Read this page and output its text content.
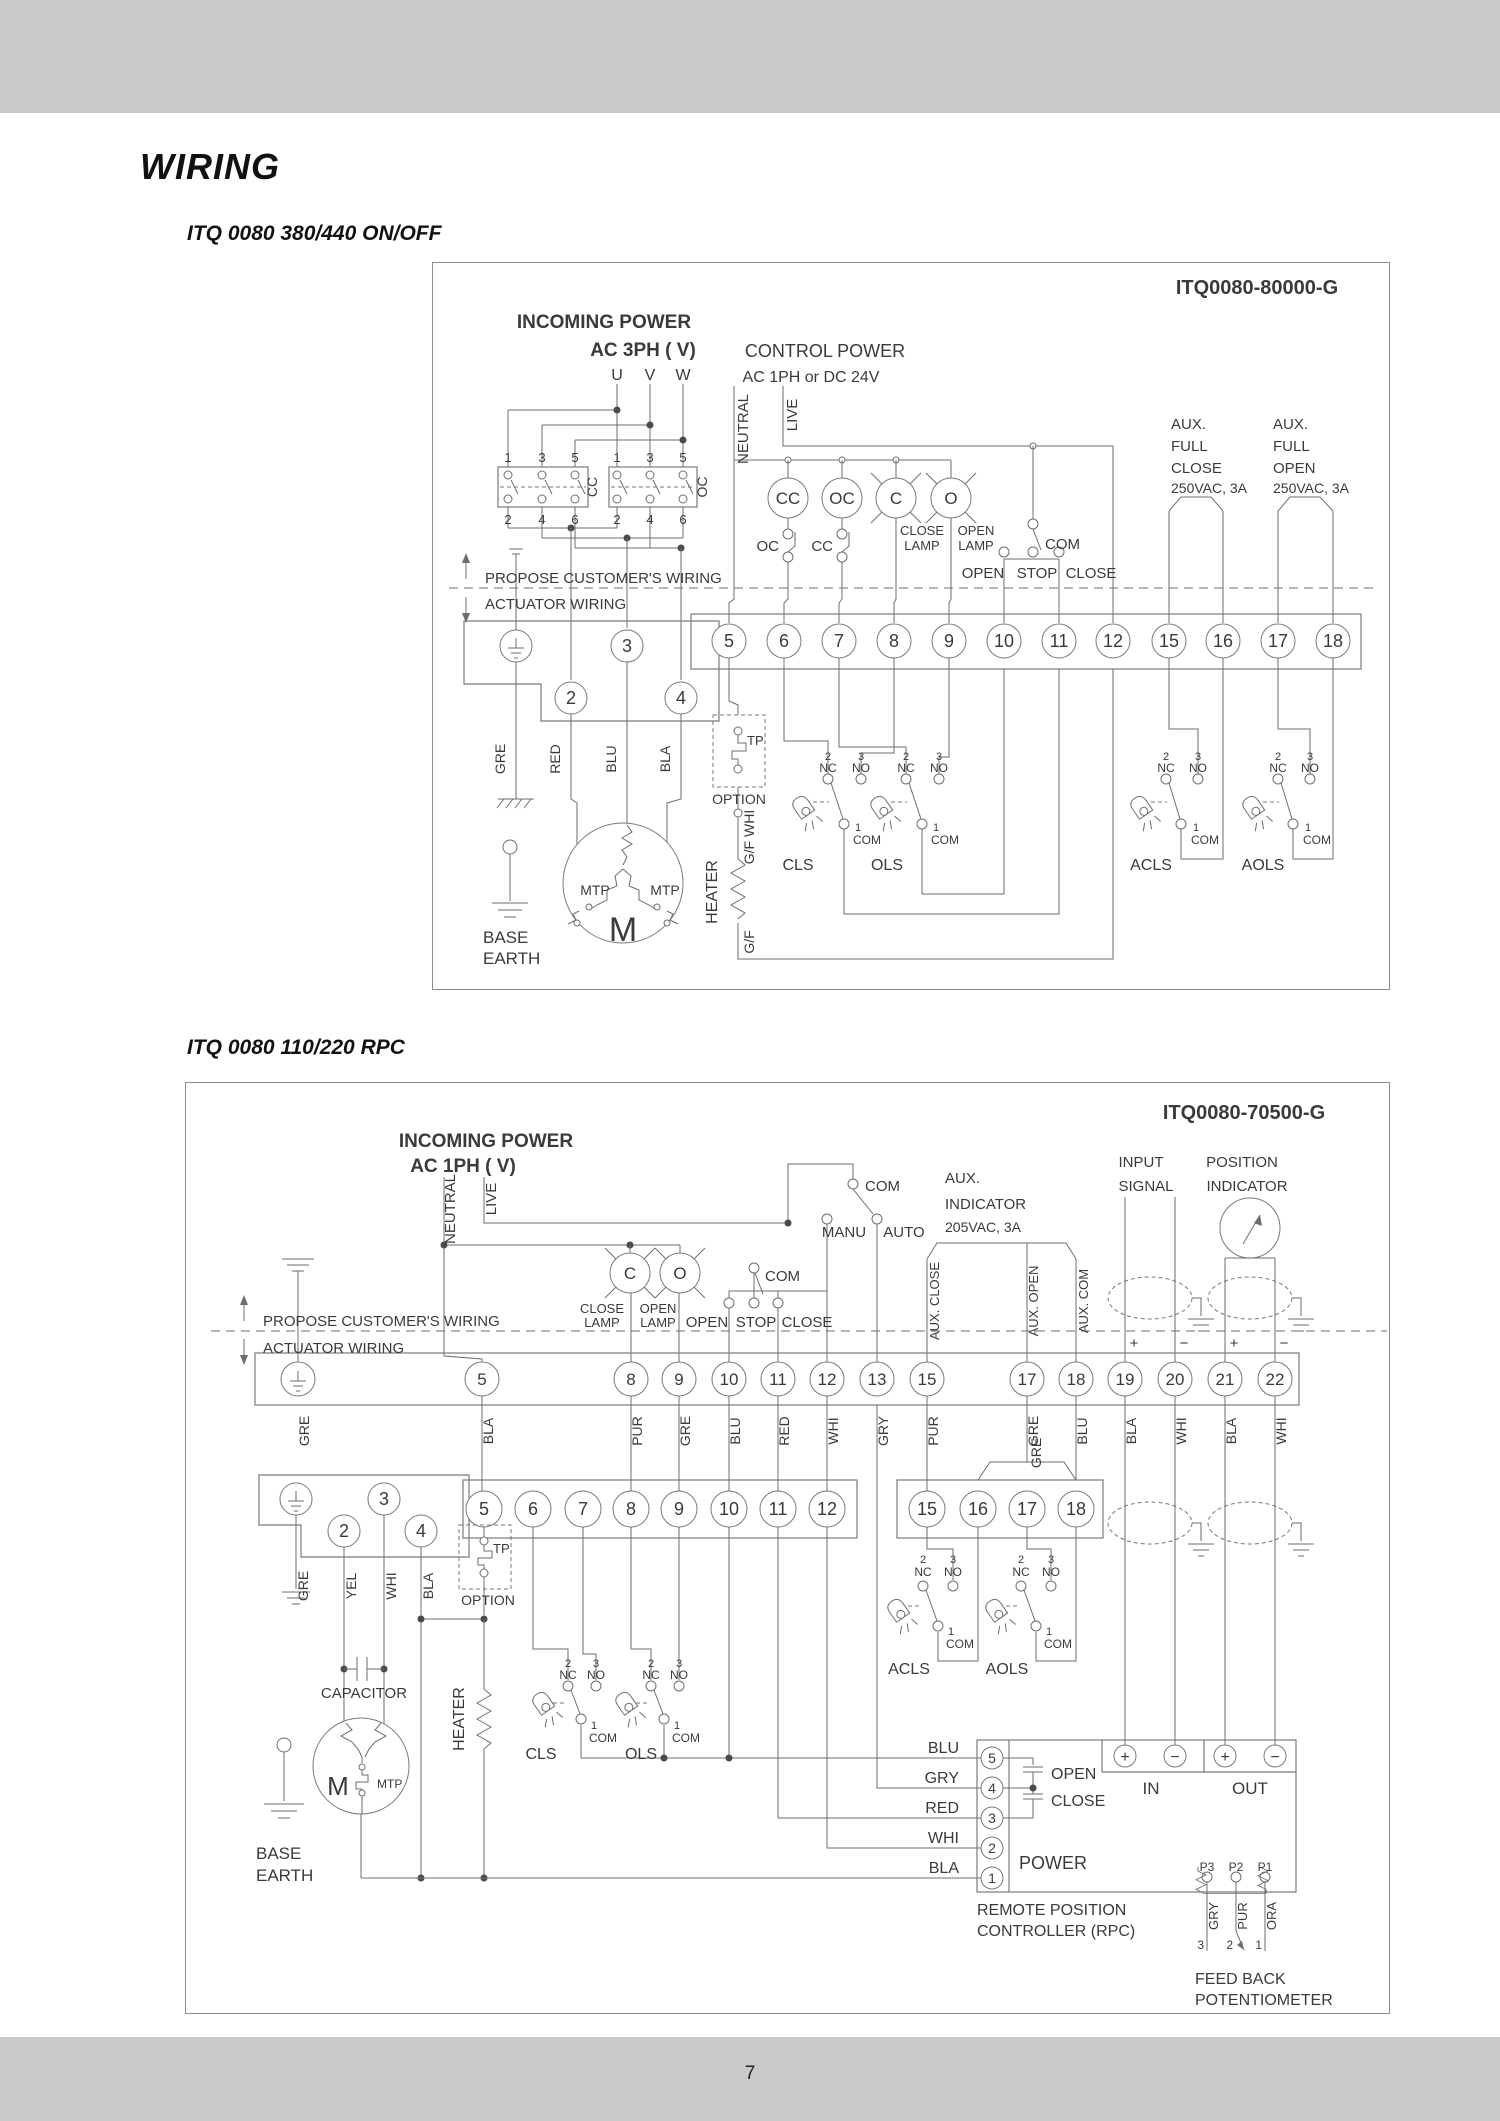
WIRING
7
ITQ 0080 380/440 ON/OFF
ITQ 0080 110/220 RPC
ITQ0080-80000-G
INCOMING POWER
AC 3PH ( V)
U V W
1 3 5	1 3 5
2 4 6	2 4 6
CC	OC
CONTROL POWER
AC 1PH or DC 24V
NEUTRAL LIVE
CC OC C O
OC CC
CLOSE
LAMP
OPEN
LAMP	COM
OPEN STOP CLOSE
PROPOSE CUSTOMER'S WIRING
ACTUATOR WIRING
3
2	4
5 6 7 8 9 10 11 12 15 16 17 18
GRE	RED	BLU	BLA
TP
OPTION
G/F WHI
HEATER
G/F
MTP	MTP
M
BASE
EARTH
2
NC
3
NO
1
COM
CLS
2
NC
3
NO
1
COM
OLS
AUX.
FULL
CLOSE
250VAC, 3A
AUX.
FULL
OPEN
250VAC, 3A
2
NC
3
NO
1
COM
ACLS
2
NC
3
NO
1
COM
AOLS
ITQ0080-70500-G
INCOMING POWER
AC 1PH ( V)
NEUTRAL LIVE	COM
MANU AUTO
C O
CLOSE
LAMP
OPEN
LAMP
COM
OPEN STOP CLOSE
AUX.
INDICATOR
205VAC, 3A
AUX. CLOSE	AUX. OPEN	AUX. COM
INPUT
SIGNAL
POSITION
INDICATOR
+	−	+	−
PROPOSE CUSTOMER'S WIRING
ACTUATOR WIRING
5	8 9 10 11 12 13 15	17 18 19 20 21 22
GRE	BLA	PUR GRE BLU RED WHI GRY PUR	GRE BLU BLA WHI BLA WHI
3
2	4
GRE YEL WHI BLA
5 6 7 8 9 10 11 12	15 16 17 18
GRE
TP
OPTION
CAPACITOR	HEATER
M MTP
BASE
EARTH
2
NC
3
NO
1
COM
CLS
2
NC
3
NO
1
COM
OLS
2
NC
3
NO
1
COM
ACLS
2
NC
3
NO
1
COM
AOLS
BLU
GRY
RED
WHI
BLA
5
4
3
2
1
OPEN
CLOSE
+	−	+	−
IN	OUT
POWER	P3 P2 P1
GRY PUR ORA
3 2 1
FEED BACK
POTENTIOMETER
REMOTE POSITION
CONTROLLER (RPC)
